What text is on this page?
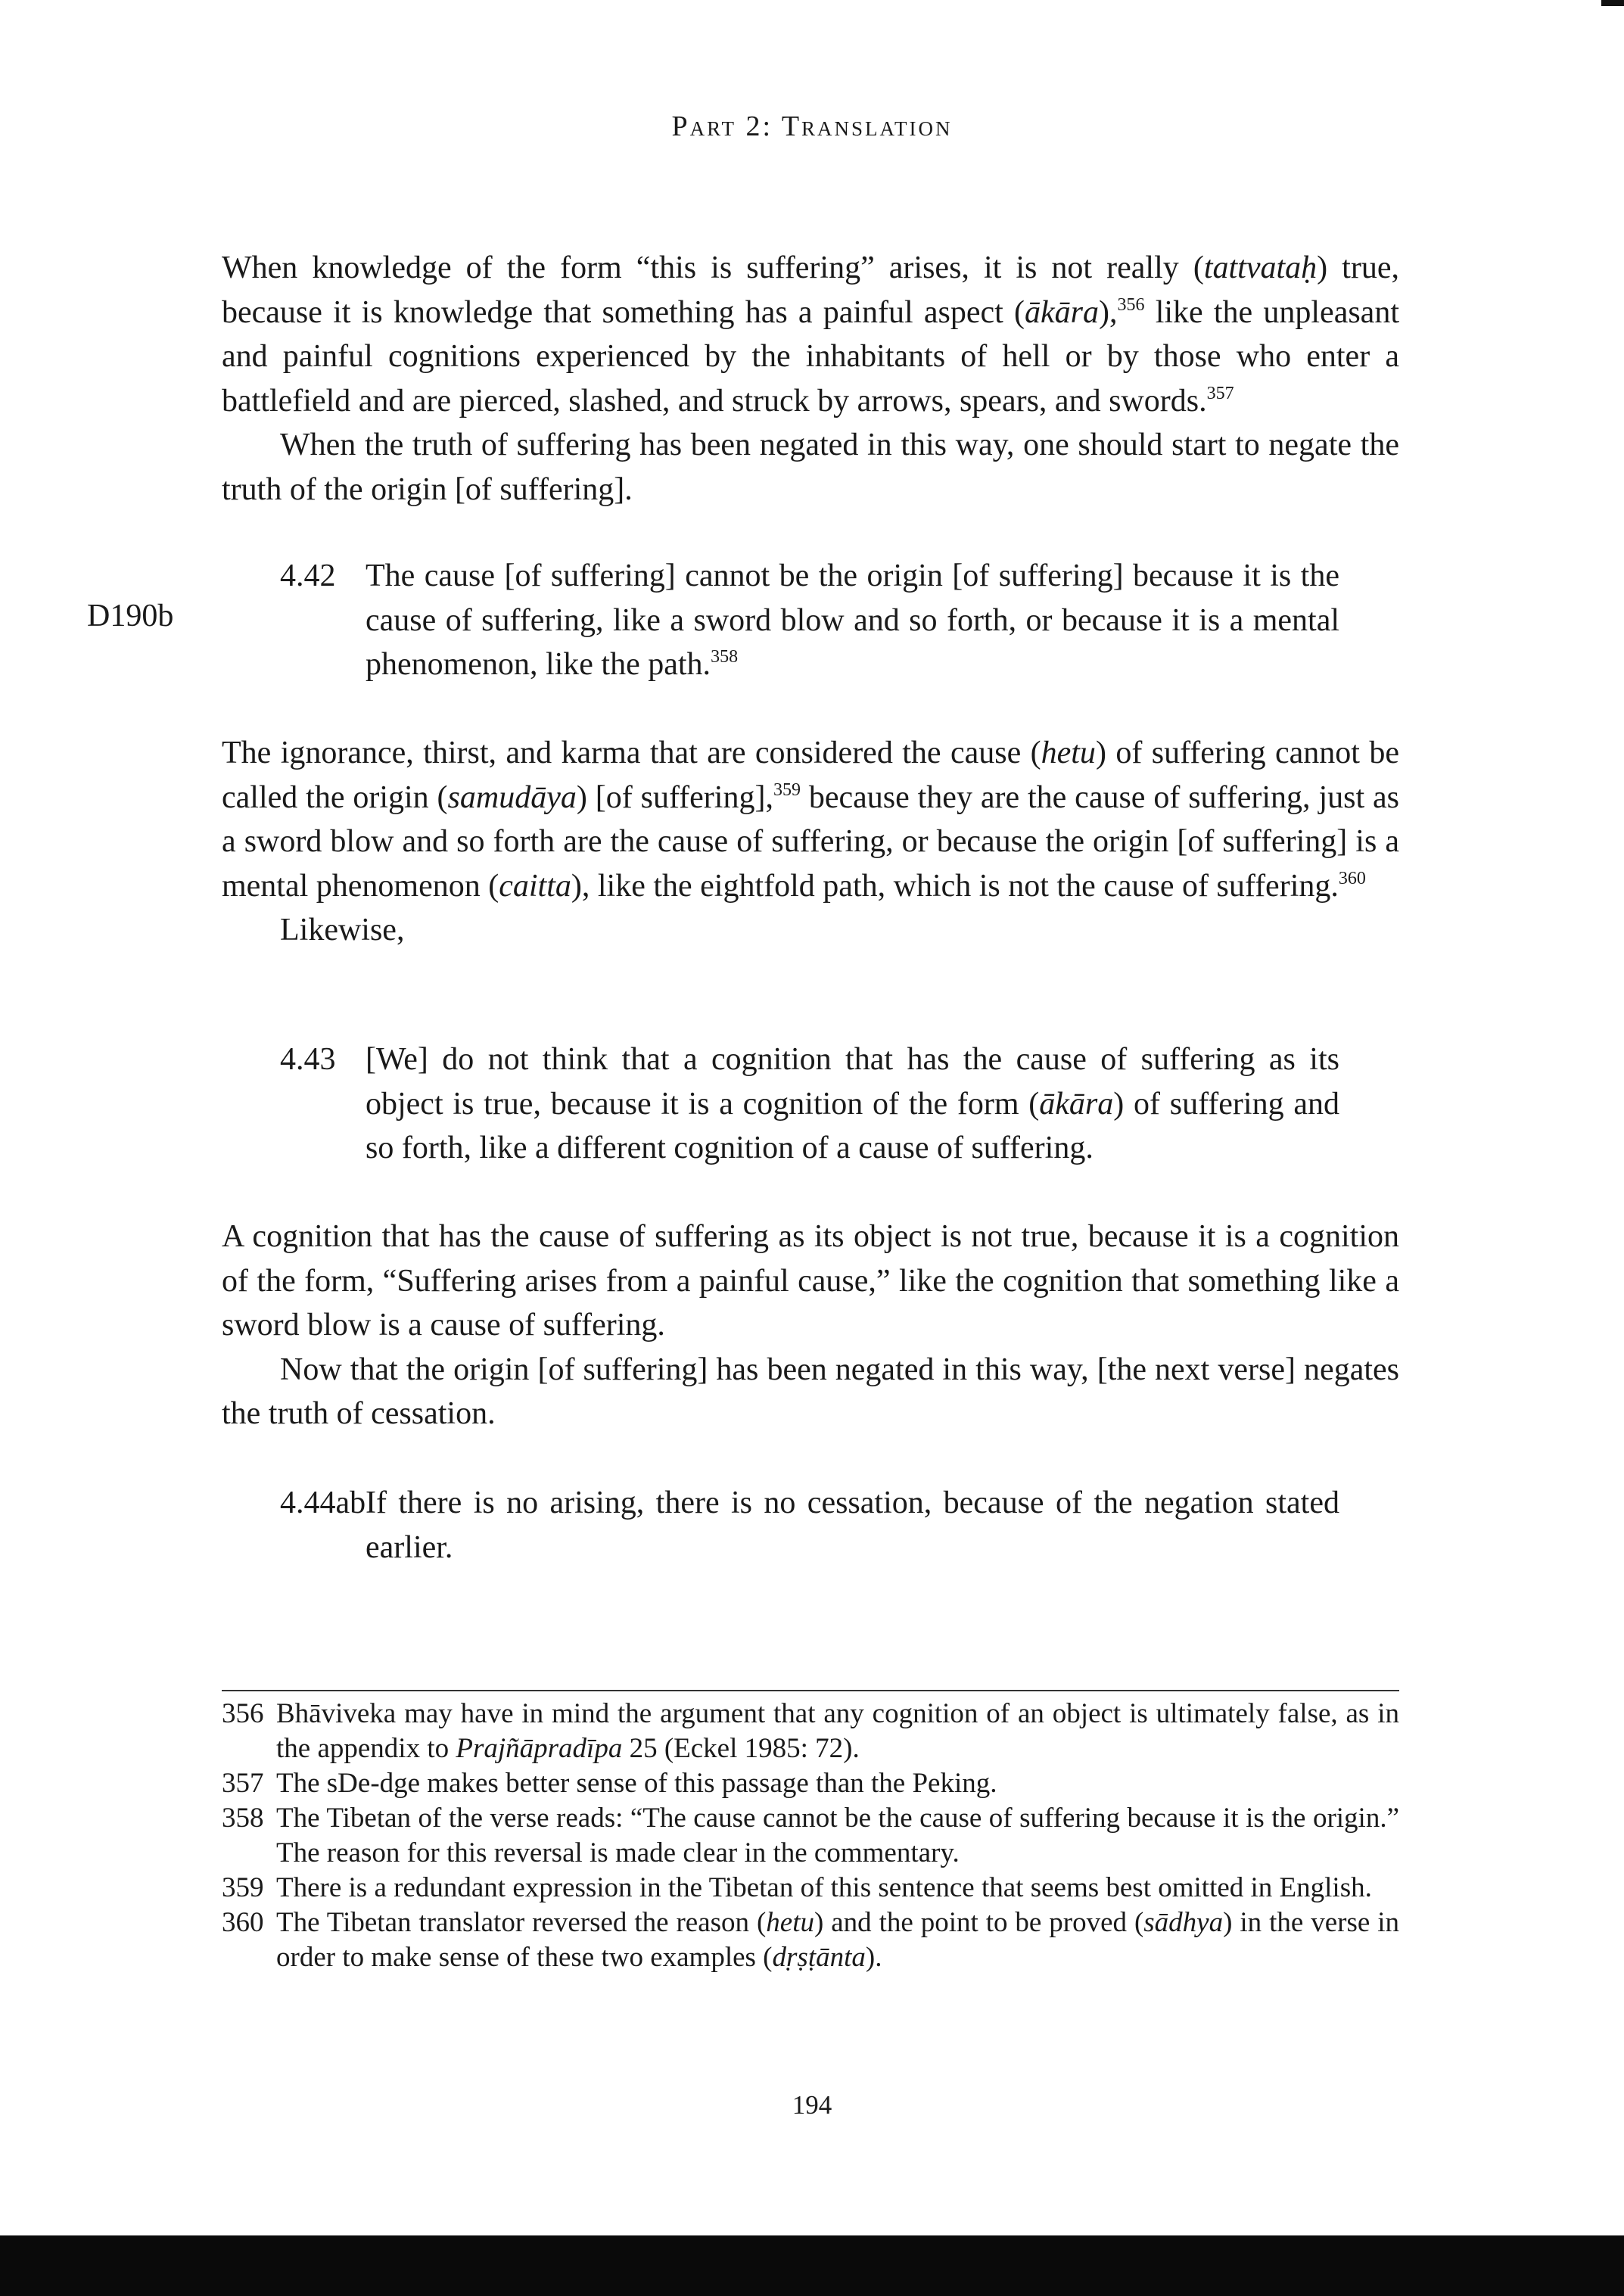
Part 2: Translation

When knowledge of the form “this is suffering” arises, it is not really (tattvataḥ) true, because it is knowledge that something has a painful aspect (ākāra),$^{356}$ like the unpleasant and painful cognitions experienced by the inhabitants of hell or by those who enter a battlefield and are pierced, slashed, and struck by arrows, spears, and swords.$^{357}$

When the truth of suffering has been negated in this way, one should start to negate the truth of the origin [of suffering].

D190b
4.42 The cause [of suffering] cannot be the origin [of suffering] because it is the cause of suffering, like a sword blow and so forth, or because it is a mental phenomenon, like the path.$^{358}$

The ignorance, thirst, and karma that are considered the cause (hetu) of suffering cannot be called the origin (samudāya) [of suffering],$^{359}$ because they are the cause of suffering, just as a sword blow and so forth are the cause of suffering, or because the origin [of suffering] is a mental phenomenon (caitta), like the eightfold path, which is not the cause of suffering.$^{360}$

Likewise,

4.43 [We] do not think that a cognition that has the cause of suffering as its object is true, because it is a cognition of the form (ākāra) of suffering and so forth, like a different cognition of a cause of suffering.

A cognition that has the cause of suffering as its object is not true, because it is a cognition of the form, “Suffering arises from a painful cause,” like the cognition that something like a sword blow is a cause of suffering.

Now that the origin [of suffering] has been negated in this way, [the next verse] negates the truth of cessation.

4.44ab If there is no arising, there is no cessation, because of the negation stated earlier.
356 Bhāviveka may have in mind the argument that any cognition of an object is ultimately false, as in the appendix to Prajñāpradīpa 25 (Eckel 1985: 72).
357 The sDe-dge makes better sense of this passage than the Peking.
358 The Tibetan of the verse reads: “The cause cannot be the cause of suffering because it is the origin.” The reason for this reversal is made clear in the commentary.
359 There is a redundant expression in the Tibetan of this sentence that seems best omitted in English.
360 The Tibetan translator reversed the reason (hetu) and the point to be proved (sādhya) in the verse in order to make sense of these two examples (dṛṣṭānta).
194
